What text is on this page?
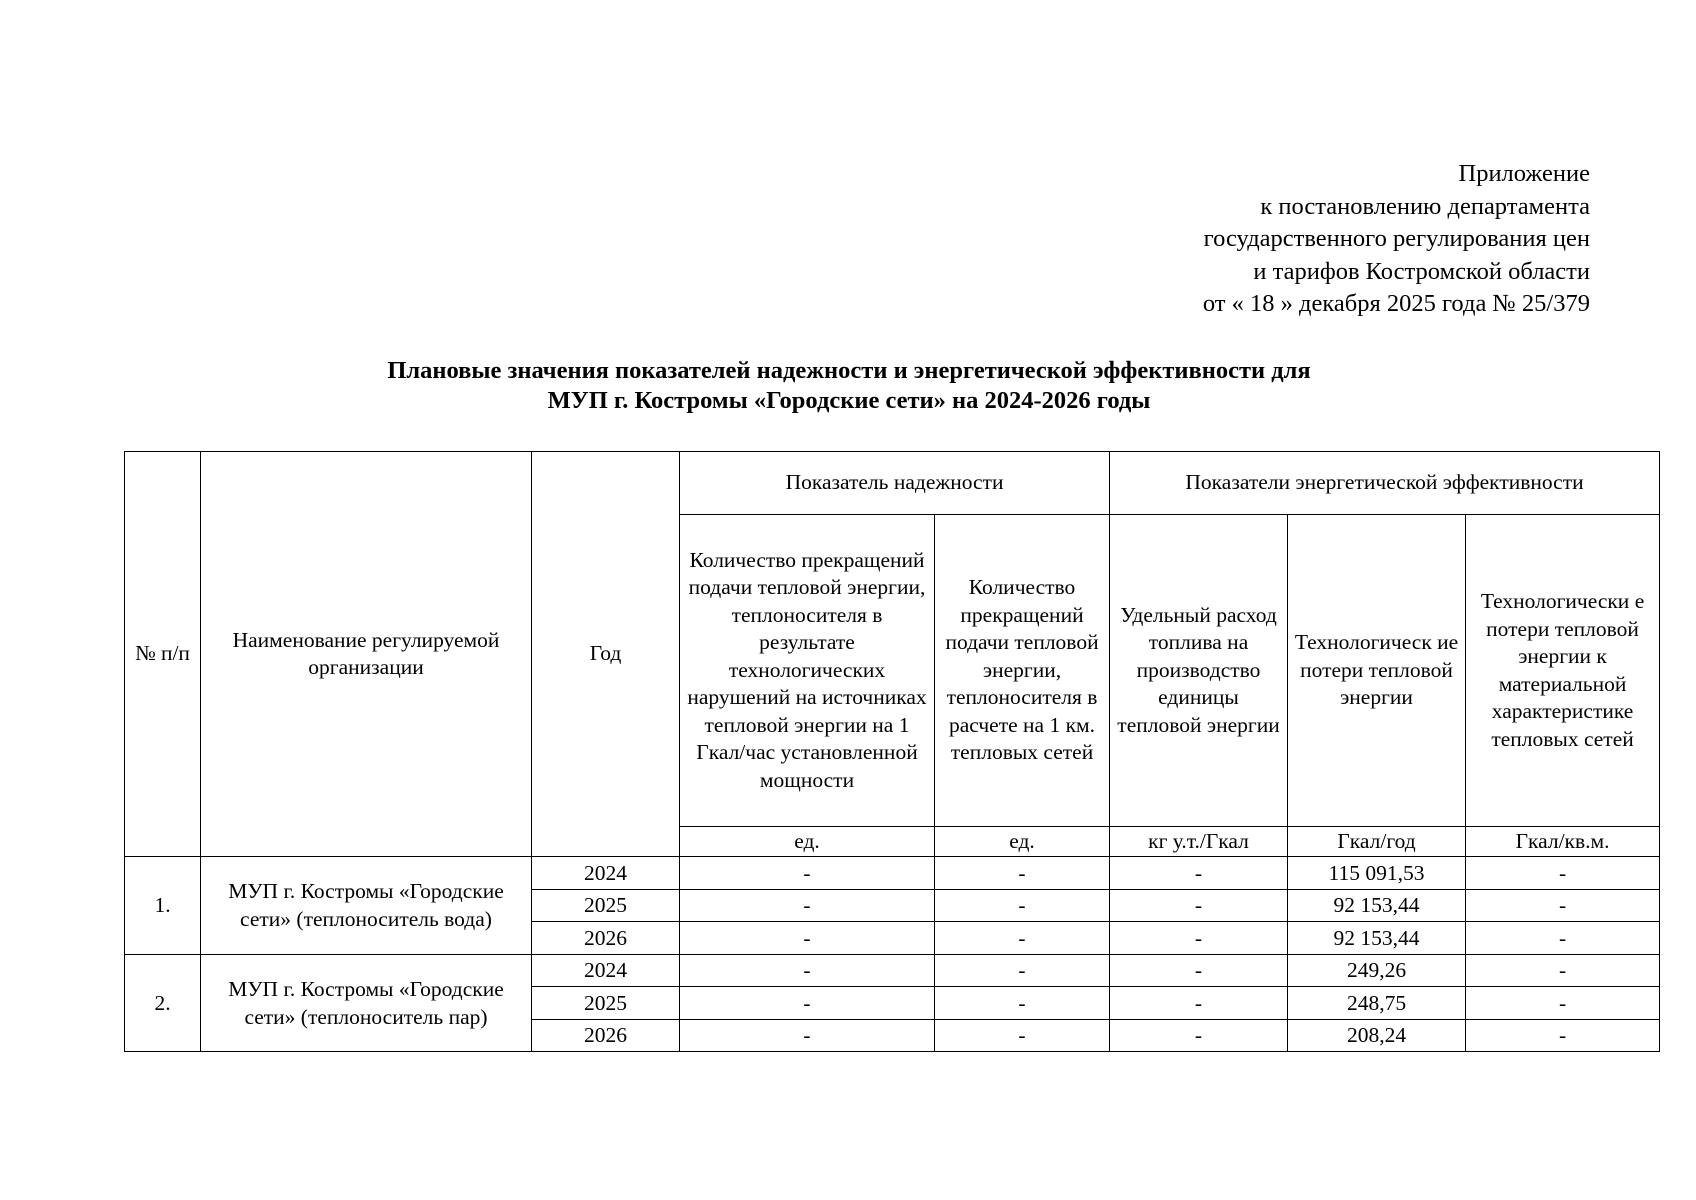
Приложение
к постановлению департамента
государственного регулирования цен
и тарифов Костромской области
от « 18 » декабря 2025 года № 25/379
Плановые значения показателей надежности и энергетической эффективности для
МУП г. Костромы «Городские сети» на 2024-2026 годы
№ п/п	Наименование регулируемой организации	Год	Показатель надежности		Показатели энергетической эффективности		
			Количество прекращений подачи тепловой энергии, теплоносителя в результате технологических нарушений на источниках тепловой энергии на 1 Гкал/час установленной мощности	Количество прекращений подачи тепловой энергии, теплоносителя в расчете на 1 км. тепловых сетей	Удельный расход топлива на производство единицы тепловой энергии	Технологическ ие потери тепловой энергии	Технологически е потери тепловой энергии к материальной характеристике тепловых сетей
			ед.	ед.	кг у.т./Гкал	Гкал/год	Гкал/кв.м.
1.	МУП г. Костромы «Городские сети» (теплоноситель вода)	2024	-	-	-	115 091,53	-
		2025	-	-	-	92 153,44	-
		2026	-	-	-	92 153,44	-
2.	МУП г. Костромы «Городские сети» (теплоноситель пар)	2024	-	-	-	249,26	-
		2025	-	-	-	248,75	-
		2026	-	-	-	208,24	-
